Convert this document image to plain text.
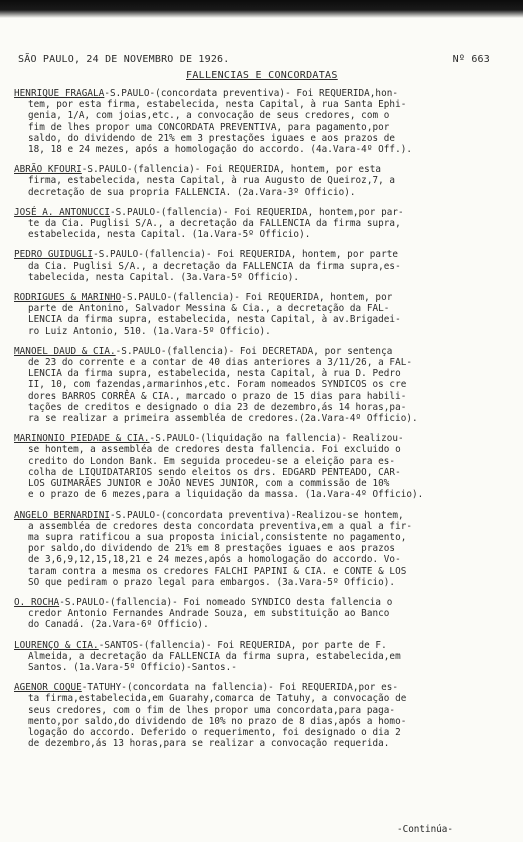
SÃO PAULO, 24 DE NOVEMBRO DE 1926.	Nº 663
FALLENCIAS E CONCORDATAS
HENRIQUE FRAGALA-S.PAULO-(concordata preventiva)- Foi REQUERIDA,hon-
tem, por esta firma, estabelecida, nesta Capital, à rua Santa Ephi-
genia, 1/A, com joias,etc., a convocação de seus credores, com o
fim de lhes propor uma CONCORDATA PREVENTIVA, para pagamento,por
saldo, do dividendo de 21% em 3 prestações iguaes e aos prazos de
18, 18 e 24 mezes, após a homologação do accordo. (4a.Vara-4º Off.).
ABRÃO KFOURI-S.PAULO-(fallencia)- Foi REQUERIDA, hontem, por esta
firma, estabelecida, nesta Capital, à rua Augusto de Queiroz,7, a
decretação de sua propria FALLENCIA. (2a.Vara-3º Officio).
JOSÉ A. ANTONUCCI-S.PAULO-(fallencia)- Foi REQUERIDA, hontem,por par-
te da Cia. Puglisi S/A., a decretação da FALLENCIA da firma supra,
estabelecida, nesta Capital. (1a.Vara-5º Officio).
PEDRO GUIDUGLI-S.PAULO-(fallencia)- Foi REQUERIDA, hontem, por parte
da Cia. Puglisi S/A., a decretação da FALLENCIA da firma supra,es-
tabelecida, nesta Capital. (3a.Vara-5º Officio).
RODRIGUES & MARINHO-S.PAULO-(fallencia)- Foi REQUERIDA, hontem, por
parte de Antonino, Salvador Messina & Cia., a decretação da FAL-
LENCIA da firma supra, estabelecida, nesta Capital, à av.Brigadei-
ro Luiz Antonio, 510. (1a.Vara-5º Officio).
MANOEL DAUD & CIA.-S.PAULO-(fallencia)- Foi DECRETADA, por sentença
de 23 do corrente e a contar de 40 dias anteriores a 3/11/26, a FAL-
LENCIA da firma supra, estabelecida, nesta Capital, à rua D. Pedro
II, 10, com fazendas,armarinhos,etc. Foram nomeados SYNDICOS os cre
dores BARROS CORRÊA & CIA., marcado o prazo de 15 dias para habili-
tações de creditos e designado o dia 23 de dezembro,ás 14 horas,pa-
ra se realizar a primeira assembléa de credores.(2a.Vara-4º Officio).
MARINONIO PIEDADE & CIA.-S.PAULO-(liquidação na fallencia)- Realizou-
se hontem, a assembléa de credores desta fallencia. Foi excluido o
credito do London Bank. Em seguida procedeu-se a eleição para es-
colha de LIQUIDATARIOS sendo eleitos os drs. EDGARD PENTEADO, CAR-
LOS GUIMARÃES JUNIOR e JOÃO NEVES JUNIOR, com a commissão de 10%
e o prazo de 6 mezes,para a liquidação da massa. (1a.Vara-4º Officio).
ANGELO BERNARDINI-S.PAULO-(concordata preventiva)-Realizou-se hontem,
a assembléa de credores desta concordata preventiva,em a qual a fir-
ma supra ratificou a sua proposta inicial,consistente no pagamento,
por saldo,do dividendo de 21% em 8 prestações iguaes e aos prazos
de 3,6,9,12,15,18,21 e 24 mezes,após a homologação do accordo. Vo-
taram contra a mesma os credores FALCHI PAPINI & CIA. e CONTE & LOS
SO que pediram o prazo legal para embargos. (3a.Vara-5º Officio).
O. ROCHA-S.PAULO-(fallencia)- Foi nomeado SYNDICO desta fallencia o
credor Antonio Fernandes Andrade Souza, em substituição ao Banco
do Canadá. (2a.Vara-6º Officio).
LOURENÇO & CIA.-SANTOS-(fallencia)- Foi REQUERIDA, por parte de F.
Almeida, a decretação da FALLENCIA da firma supra, estabelecida,em
Santos. (1a.Vara-5º Officio)-Santos.-
AGENOR COQUE-TATUHY-(concordata na fallencia)- Foi REQUERIDA,por es-
ta firma,estabelecida,em Guarahy,comarca de Tatuhy, a convocação de
seus credores, com o fim de lhes propor uma concordata,para paga-
mento,por saldo,do dividendo de 10% no prazo de 8 dias,após a homo-
logação do accordo. Deferido o requerimento, foi designado o dia 2
de dezembro,ás 13 horas,para se realizar a convocação requerida.
-Continúa-
